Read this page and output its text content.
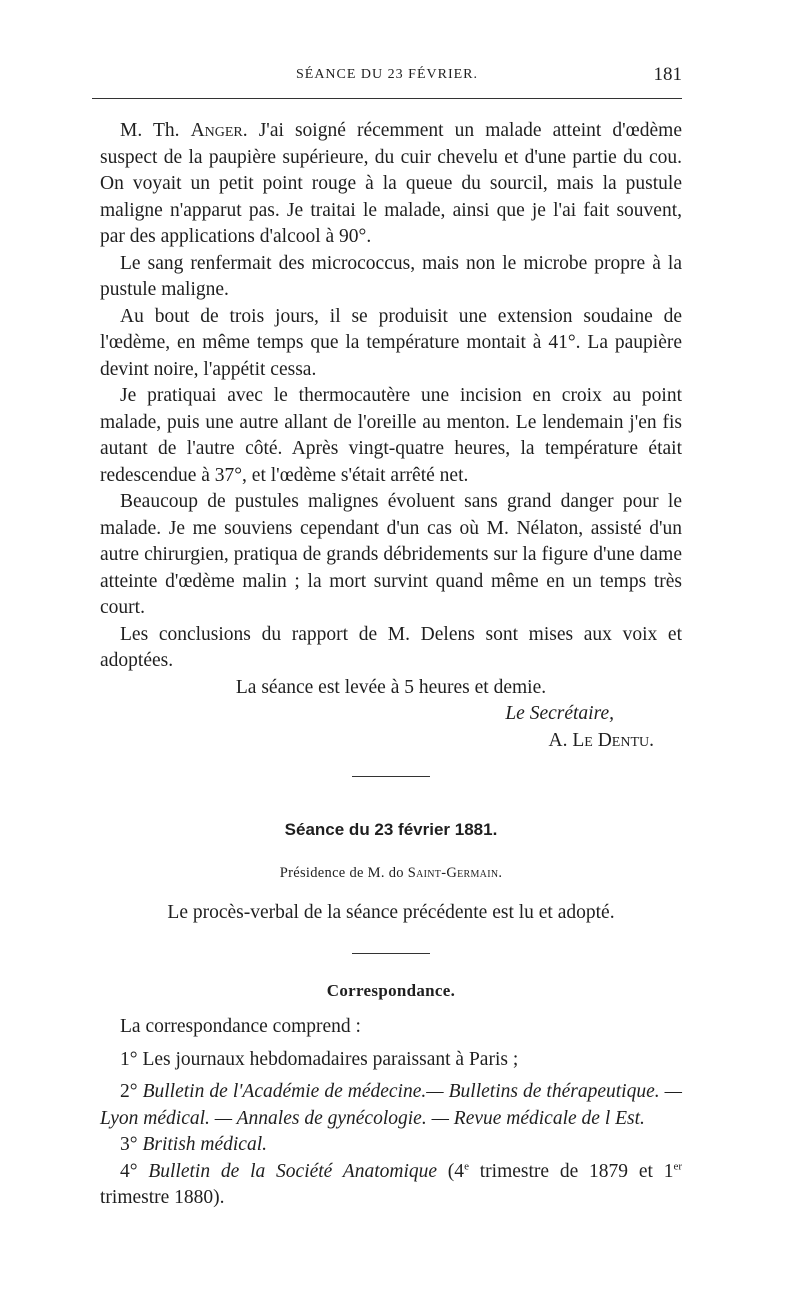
SÉANCE DU 23 FÉVRIER.	181

M. Th. Anger. J'ai soigné récemment un malade atteint d'œdème suspect de la paupière supérieure, du cuir chevelu et d'une partie du cou. On voyait un petit point rouge à la queue du sourcil, mais la pustule maligne n'apparut pas. Je traitai le malade, ainsi que je l'ai fait souvent, par des applications d'alcool à 90°.

Le sang renfermait des micrococcus, mais non le microbe propre à la pustule maligne.

Au bout de trois jours, il se produisit une extension soudaine de l'œdème, en même temps que la température montait à 41°. La paupière devint noire, l'appétit cessa.

Je pratiquai avec le thermocautère une incision en croix au point malade, puis une autre allant de l'oreille au menton. Le lendemain j'en fis autant de l'autre côté. Après vingt-quatre heures, la température était redescendue à 37°, et l'œdème s'était arrêté net.

Beaucoup de pustules malignes évoluent sans grand danger pour le malade. Je me souviens cependant d'un cas où M. Nélaton, assisté d'un autre chirurgien, pratiqua de grands débridements sur la figure d'une dame atteinte d'œdème malin ; la mort survint quand même en un temps très court.

Les conclusions du rapport de M. Delens sont mises aux voix et adoptées.

La séance est levée à 5 heures et demie.

Le Secrétaire,

A. Le Dentu.

Séance du 23 février 1881.

Présidence de M. do Saint-Germain.

Le procès-verbal de la séance précédente est lu et adopté.

Correspondance.

La correspondance comprend :

1° Les journaux hebdomadaires paraissant à Paris ;

2° Bulletin de l'Académie de médecine.— Bulletins de thérapeutique. — Lyon médical. — Annales de gynécologie. — Revue médicale de l Est.

3° British médical.

4° Bulletin de la Société Anatomique (4e trimestre de 1879 et 1er trimestre 1880).
